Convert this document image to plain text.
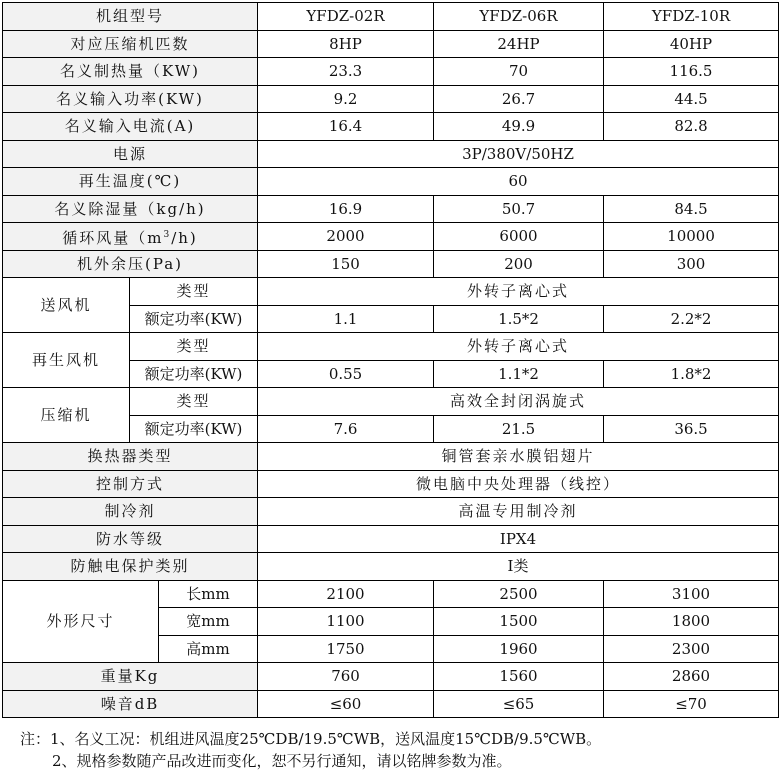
机组型号			YFDZ-02R	YFDZ-06R	YFDZ-10R
对应压缩机匹数			8HP	24HP	40HP
名义制热量（KW)			23.3	70	116.5
名义输入功率(KW)			9.2	26.7	44.5
名义输入电流(A)			16.4	49.9	82.8
电源			3P/380V/50HZ		
再生温度(℃)			60		
名义除湿量（kg/h)			16.9	50.7	84.5
循环风量$(m^3/h)$			2000	6000	10000
机外余压(Pa)			150	200	300
送风机	类型		外转子离心式		
	额定功率(KW)		1.1	1.5*2	2.2*2
再生风机	类型		外转子离心式		
	额定功率(KW)		0.55	1.1*2	1.8*2
压缩机	类型		高效全封闭涡旋式		
	额定功率(KW)		7.6	21.5	36.5
换热器类型			铜管套亲水膜铝翅片		
控制方式			微电脑中央处理器（线控）		
制冷剂			高温专用制冷剂		
防水等级			IPX4		
防触电保护类别			Ⅰ类		
外形尺寸		长mm	2100	2500	3100
		宽mm	1100	1500	1800
		高mm	1750	1960	2300
重量Kg			760	1560	2860
噪音dB			≤60	≤65	≤70
注：1、名义工况：机组进风温度25℃DB/19.5℃WB，送风温度15℃DB/9.5℃WB。
2、规格参数随产品改进而变化，恕不另行通知，请以铭牌参数为准。
